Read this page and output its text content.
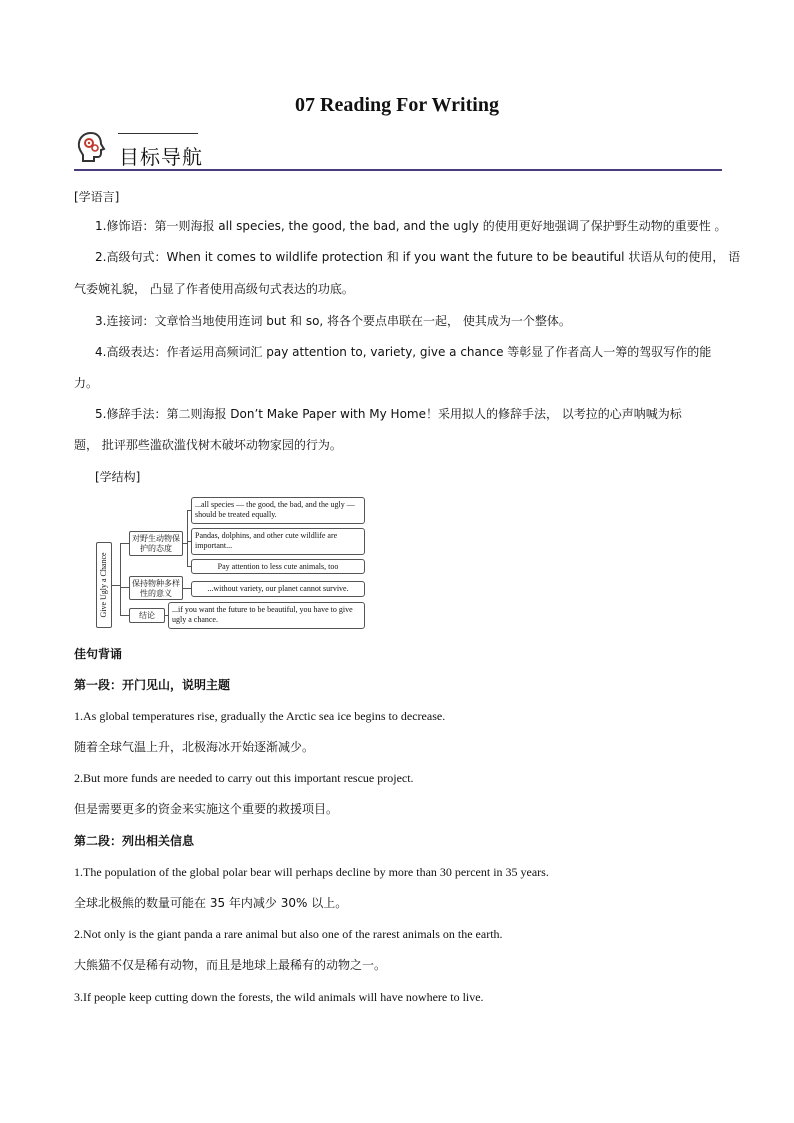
07 Reading For Writing
目标导航
[学语言]
1.修饰语：第一则海报 all species, the good, the bad, and the ugly 的使用更好地强调了保护野生动物的重要性 。
2.高级句式：When it comes to wildlife protection 和 if you want the future to be beautiful 状语从句的使用， 语
气委婉礼貌， 凸显了作者使用高级句式表达的功底。
3.连接词：文章恰当地使用连词 but 和 so, 将各个要点串联在一起， 使其成为一个整体。
4.高级表达：作者运用高频词汇 pay attention to, variety, give a chance 等彰显了作者高人一筹的驾驭写作的能
力。
5.修辞手法：第二则海报 Don’t Make Paper with My Home！采用拟人的修辞手法， 以考拉的心声呐喊为标
题， 批评那些滥砍滥伐树木破坏动物家园的行为。
[学结构]
Give Ugly a Chance
对野生动物保护的态度
保持物种多样性的意义
结论
...all species — the good, the bad, and the ugly — should be treated equally.
Pandas, dolphins, and other cute wildlife are important...
Pay attention to less cute animals, too
...without variety, our planet cannot survive.
...if you want the future to be beautiful, you have to give ugly a chance.
佳句背诵
第一段：开门见山，说明主题
1.As global temperatures rise, gradually the Arctic sea ice begins to decrease.
随着全球气温上升，北极海冰开始逐渐减少。
2.But more funds are needed to carry out this important rescue project.
但是需要更多的资金来实施这个重要的救援项目。
第二段：列出相关信息
1.The population of the global polar bear will perhaps decline by more than 30 percent in 35 years.
全球北极熊的数量可能在 35 年内减少 30% 以上。
2.Not only is the giant panda a rare animal but also one of the rarest animals on the earth.
大熊猫不仅是稀有动物，而且是地球上最稀有的动物之一。
3.If people keep cutting down the forests, the wild animals will have nowhere to live.
